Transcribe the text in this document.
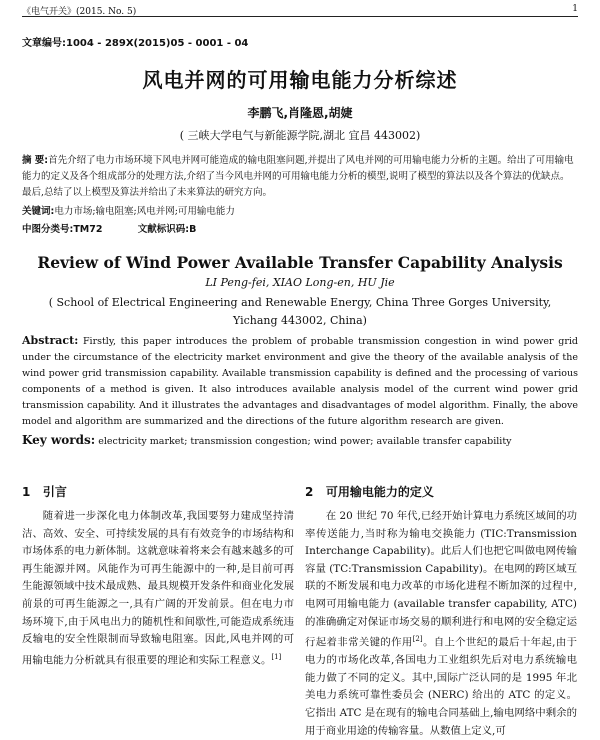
《电气开关》(2015. No. 5)	1
文章编号:1004 - 289X(2015)05 - 0001 - 04
风电并网的可用输电能力分析综述
李鹏飞,肖隆恩,胡婕
( 三峡大学电气与新能源学院,湖北 宜昌 443002)
摘 要:首先介绍了电力市场环境下风电并网可能造成的输电阻塞问题,并提出了风电并网的可用输电能力分析的主题。给出了可用输电能力的定义及各个组成部分的处理方法,介绍了当今风电并网的可用输电能力分析的模型,说明了模型的算法以及各个算法的优缺点。最后,总结了以上模型及算法并给出了未来算法的研究方向。
关键词:电力市场;输电阻塞;风电并网;可用输电能力
中图分类号:TM72	文献标识码:B
Review of Wind Power Available Transfer Capability Analysis
LI Peng-fei, XIAO Long-en, HU Jie
( School of Electrical Engineering and Renewable Energy, China Three Gorges University, Yichang 443002, China)
Abstract: Firstly, this paper introduces the problem of probable transmission congestion in wind power grid under the circumstance of the electricity market environment and give the theory of the available analysis of the wind power grid transmission capability. Available transmission capability is defined and the processing of various components of a method is given. It also introduces available analysis model of the current wind power grid transmission capability. And it illustrates the advantages and disadvantages of model algorithm. Finally, the above model and algorithm are summarized and the directions of the future algorithm research are given.
Key words: electricity market; transmission congestion; wind power; available transfer capability
1 引言	2 可用输电能力的定义

随着进一步深化电力体制改革,我国要努力建成坚持清洁、高效、安全、可持续发展的具有有效竞争的市场结构和市场体系的电力新体制。这就意味着将来会有越来越多的可再生能源并网。风能作为可再生能源中的一种,是目前可再生能源领域中技术最成熟、最具规模开发条件和商业化发展前景的可再生能源之一,具有广阔的开发前景。但在电力市场环境下,由于风电出力的随机性和间歇性,可能造成系统违反输电的安全性限制而导致输电阻塞。因此,风电并网的可用输电能力分析就具有很重要的理论和实际工程意义。[1]

在 20 世纪 70 年代,已经开始计算电力系统区域间的功率传送能力,当时称为输电交换能力 (TIC:Transmission Interchange Capability)。此后人们也把它叫做电网传输容量 (TC:Transmission Capability)。在电网的跨区域互联的不断发展和电力改革的市场化进程不断加深的过程中,电网可用输电能力 (available transfer capability, ATC)的准确确定对保证市场交易的顺利进行和电网的安全稳定运行起着非常关键的作用[2]。自上个世纪的最后十年起,由于电力的市场化改革,各国电力工业组织先后对电力系统输电能力做了不同的定义。其中,国际广泛认同的是 1995 年北美电力系统可靠性委员会 (NERC) 给出的 ATC 的定义。它指出 ATC 是在现有的输电合同基础上,输电网络中剩余的用于商业用途的传输容量。从数值上定义,可
